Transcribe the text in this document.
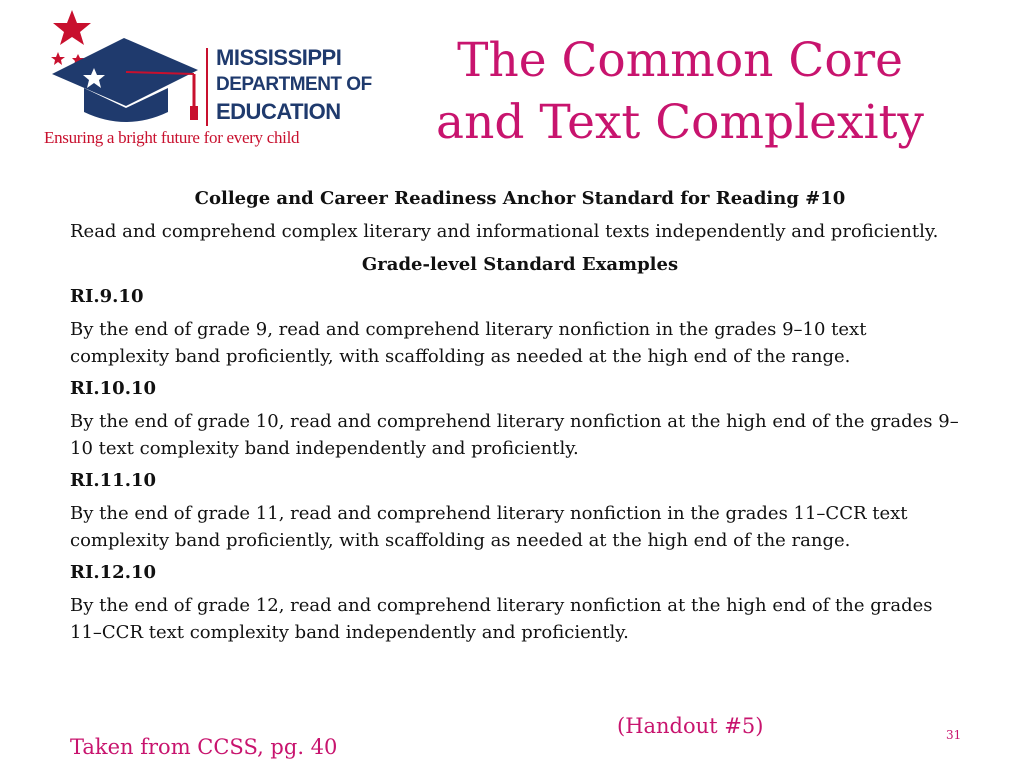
MISSISSIPPI
DEPARTMENT OF
EDUCATION
Ensuring a bright future for every child
The Common Core
and Text Complexity

College and Career Readiness Anchor Standard for Reading #10

Read and comprehend complex literary and informational texts independently and proficiently.

Grade-level Standard Examples

RI.9.10

By the end of grade 9, read and comprehend literary nonfiction in the grades 9–10 text complexity band proficiently, with scaffolding as needed at the high end of the range.

RI.10.10

By the end of grade 10, read and comprehend literary nonfiction at the high end of the grades 9–10 text complexity band independently and proficiently.

RI.11.10

By the end of grade 11, read and comprehend literary nonfiction in the grades 11–CCR text complexity band proficiently, with scaffolding as needed at the high end of the range.

RI.12.10

By the end of grade 12, read and comprehend literary nonfiction at the high end of the grades 11–CCR text complexity band independently and proficiently.

(Handout #5)
Taken from CCSS, pg. 40	31
